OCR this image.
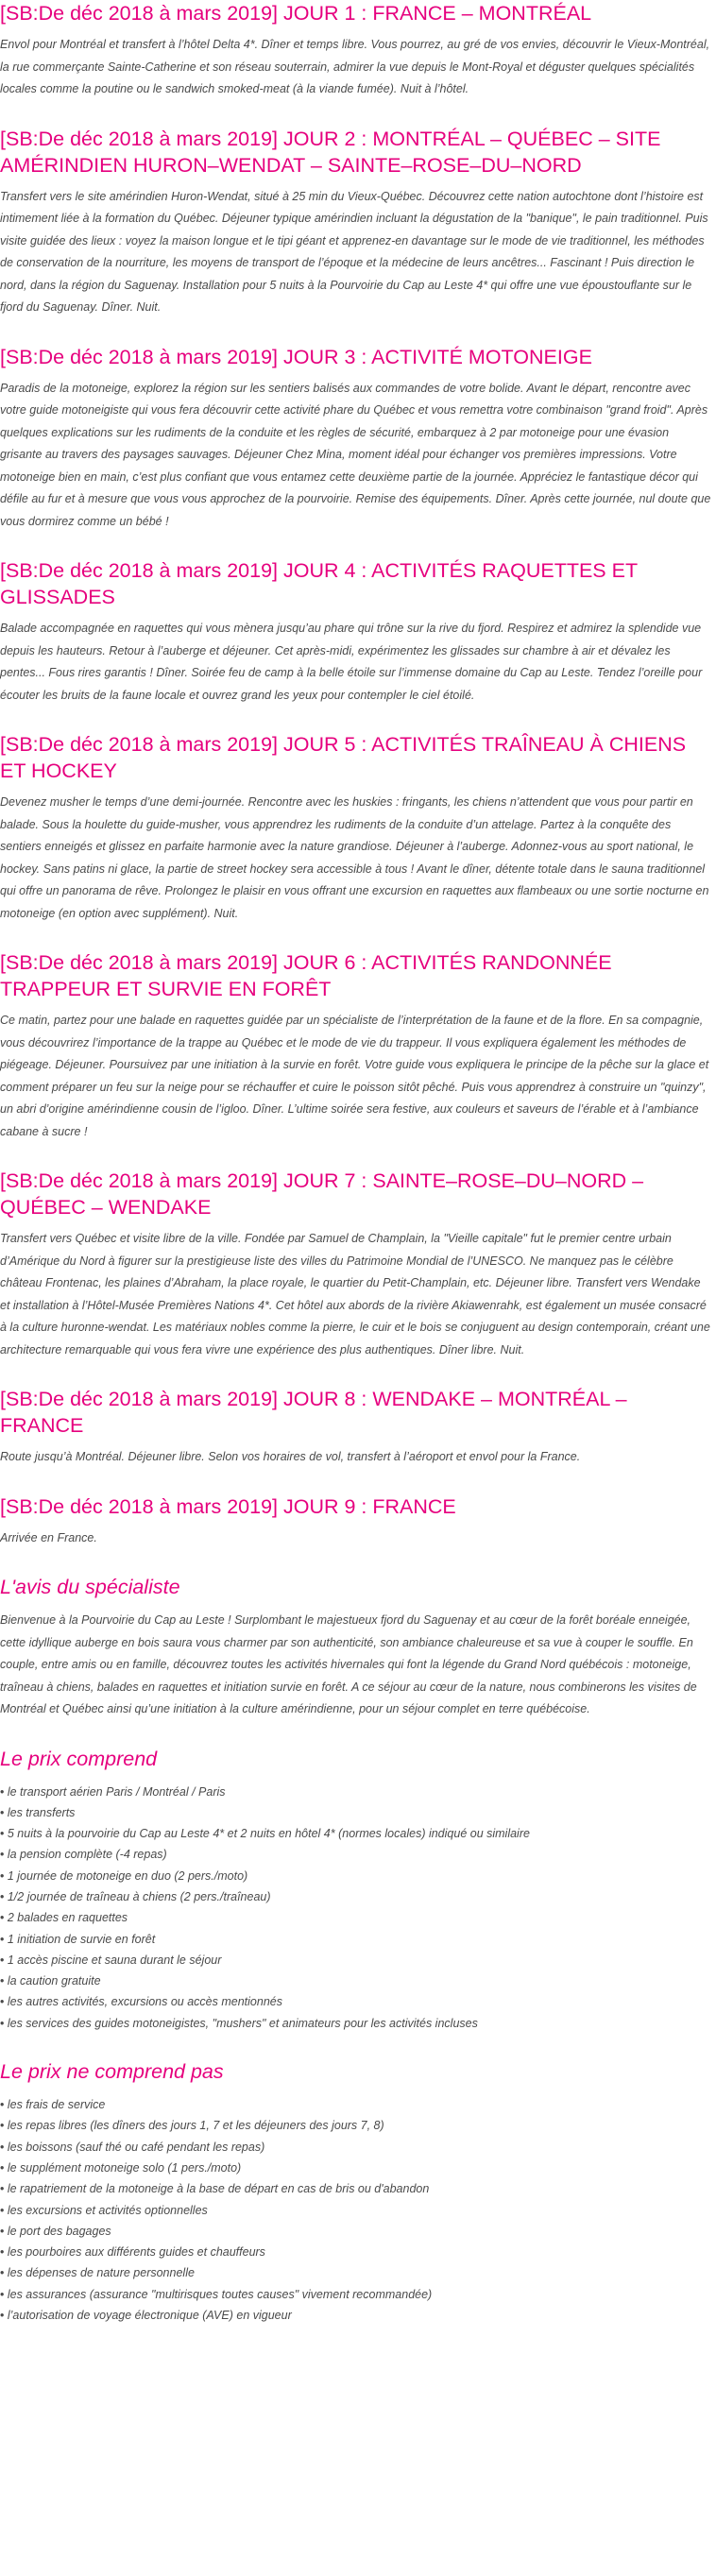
[SB:De déc 2018 à mars 2019] JOUR 1 : FRANCE – MONTRÉAL

Envol pour Montréal et transfert à l’hôtel Delta 4*. Dîner et temps libre. Vous pourrez, au gré de vos envies, découvrir le Vieux-Montréal, la rue commerçante Sainte-Catherine et son réseau souterrain, admirer la vue depuis le Mont-Royal et déguster quelques spécialités locales comme la poutine ou le sandwich smoked-meat (à la viande fumée). Nuit à l’hôtel.

[SB:De déc 2018 à mars 2019] JOUR 2 : MONTRÉAL – QUÉBEC – SITE AMÉRINDIEN HURON–WENDAT – SAINTE–ROSE–DU–NORD

Transfert vers le site amérindien Huron-Wendat, situé à 25 min du Vieux-Québec. Découvrez cette nation autochtone dont l’histoire est intimement liée à la formation du Québec. Déjeuner typique amérindien incluant la dégustation de la "banique", le pain traditionnel. Puis visite guidée des lieux : voyez la maison longue et le tipi géant et apprenez-en davantage sur le mode de vie traditionnel, les méthodes de conservation de la nourriture, les moyens de transport de l’époque et la médecine de leurs ancêtres... Fascinant ! Puis direction le nord, dans la région du Saguenay. Installation pour 5 nuits à la Pourvoirie du Cap au Leste 4* qui offre une vue époustouflante sur le fjord du Saguenay. Dîner. Nuit.

[SB:De déc 2018 à mars 2019] JOUR 3 : ACTIVITÉ MOTONEIGE

Paradis de la motoneige, explorez la région sur les sentiers balisés aux commandes de votre bolide. Avant le départ, rencontre avec votre guide motoneigiste qui vous fera découvrir cette activité phare du Québec et vous remettra votre combinaison "grand froid". Après quelques explications sur les rudiments de la conduite et les règles de sécurité, embarquez à 2 par motoneige pour une évasion grisante au travers des paysages sauvages. Déjeuner Chez Mina, moment idéal pour échanger vos premières impressions. Votre motoneige bien en main, c’est plus confiant que vous entamez cette deuxième partie de la journée. Appréciez le fantastique décor qui défile au fur et à mesure que vous vous approchez de la pourvoirie. Remise des équipements. Dîner. Après cette journée, nul doute que vous dormirez comme un bébé !

[SB:De déc 2018 à mars 2019] JOUR 4 : ACTIVITÉS RAQUETTES ET GLISSADES

Balade accompagnée en raquettes qui vous mènera jusqu’au phare qui trône sur la rive du fjord. Respirez et admirez la splendide vue depuis les hauteurs. Retour à l’auberge et déjeuner. Cet après-midi, expérimentez les glissades sur chambre à air et dévalez les pentes... Fous rires garantis ! Dîner. Soirée feu de camp à la belle étoile sur l’immense domaine du Cap au Leste. Tendez l’oreille pour écouter les bruits de la faune locale et ouvrez grand les yeux pour contempler le ciel étoilé.

[SB:De déc 2018 à mars 2019] JOUR 5 : ACTIVITÉS TRAÎNEAU À CHIENS ET HOCKEY

Devenez musher le temps d’une demi-journée. Rencontre avec les huskies : fringants, les chiens n’attendent que vous pour partir en balade. Sous la houlette du guide-musher, vous apprendrez les rudiments de la conduite d’un attelage. Partez à la conquête des sentiers enneigés et glissez en parfaite harmonie avec la nature grandiose. Déjeuner à l’auberge. Adonnez-vous au sport national, le hockey. Sans patins ni glace, la partie de street hockey sera accessible à tous ! Avant le dîner, détente totale dans le sauna traditionnel qui offre un panorama de rêve. Prolongez le plaisir en vous offrant une excursion en raquettes aux flambeaux ou une sortie nocturne en motoneige (en option avec supplément). Nuit.

[SB:De déc 2018 à mars 2019] JOUR 6 : ACTIVITÉS RANDONNÉE TRAPPEUR ET SURVIE EN FORÊT

Ce matin, partez pour une balade en raquettes guidée par un spécialiste de l’interprétation de la faune et de la flore. En sa compagnie, vous découvrirez l’importance de la trappe au Québec et le mode de vie du trappeur. Il vous expliquera également les méthodes de piégeage. Déjeuner. Poursuivez par une initiation à la survie en forêt. Votre guide vous expliquera le principe de la pêche sur la glace et comment préparer un feu sur la neige pour se réchauffer et cuire le poisson sitôt pêché. Puis vous apprendrez à construire un "quinzy", un abri d’origine amérindienne cousin de l’igloo. Dîner. L’ultime soirée sera festive, aux couleurs et saveurs de l’érable et à l’ambiance cabane à sucre !

[SB:De déc 2018 à mars 2019] JOUR 7 : SAINTE–ROSE–DU–NORD – QUÉBEC – WENDAKE

Transfert vers Québec et visite libre de la ville. Fondée par Samuel de Champlain, la "Vieille capitale" fut le premier centre urbain d’Amérique du Nord à figurer sur la prestigieuse liste des villes du Patrimoine Mondial de l’UNESCO. Ne manquez pas le célèbre château Frontenac, les plaines d’Abraham, la place royale, le quartier du Petit-Champlain, etc. Déjeuner libre. Transfert vers Wendake et installation à l’Hôtel-Musée Premières Nations 4*. Cet hôtel aux abords de la rivière Akiawenrahk, est également un musée consacré à la culture huronne-wendat. Les matériaux nobles comme la pierre, le cuir et le bois se conjuguent au design contemporain, créant une architecture remarquable qui vous fera vivre une expérience des plus authentiques. Dîner libre. Nuit.

[SB:De déc 2018 à mars 2019] JOUR 8 : WENDAKE – MONTRÉAL – FRANCE

Route jusqu’à Montréal. Déjeuner libre. Selon vos horaires de vol, transfert à l’aéroport et envol pour la France.

[SB:De déc 2018 à mars 2019] JOUR 9 : FRANCE

Arrivée en France.

L'avis du spécialiste

Bienvenue à la Pourvoirie du Cap au Leste ! Surplombant le majestueux fjord du Saguenay et au cœur de la forêt boréale enneigée, cette idyllique auberge en bois saura vous charmer par son authenticité, son ambiance chaleureuse et sa vue à couper le souffle. En couple, entre amis ou en famille, découvrez toutes les activités hivernales qui font la légende du Grand Nord québécois : motoneige, traîneau à chiens, balades en raquettes et initiation survie en forêt. A ce séjour au cœur de la nature, nous combinerons les visites de Montréal et Québec ainsi qu’une initiation à la culture amérindienne, pour un séjour complet en terre québécoise.

Le prix comprend
• le transport aérien Paris / Montréal / Paris
• les transferts
• 5 nuits à la pourvoirie du Cap au Leste 4* et 2 nuits en hôtel 4* (normes locales) indiqué ou similaire
• la pension complète (-4 repas)
• 1 journée de motoneige en duo (2 pers./moto)
• 1/2 journée de traîneau à chiens (2 pers./traîneau)
• 2 balades en raquettes
• 1 initiation de survie en forêt
• 1 accès piscine et sauna durant le séjour
• la caution gratuite
• les autres activités, excursions ou accès mentionnés
• les services des guides motoneigistes, "mushers" et animateurs pour les activités incluses
Le prix ne comprend pas
• les frais de service
• les repas libres (les dîners des jours 1, 7 et les déjeuners des jours 7, 8)
• les boissons (sauf thé ou café pendant les repas)
• le supplément motoneige solo (1 pers./moto)
• le rapatriement de la motoneige à la base de départ en cas de bris ou d'abandon
• les excursions et activités optionnelles
• le port des bagages
• les pourboires aux différents guides et chauffeurs
• les dépenses de nature personnelle
• les assurances (assurance "multirisques toutes causes" vivement recommandée)
• l’autorisation de voyage électronique (AVE) en vigueur
